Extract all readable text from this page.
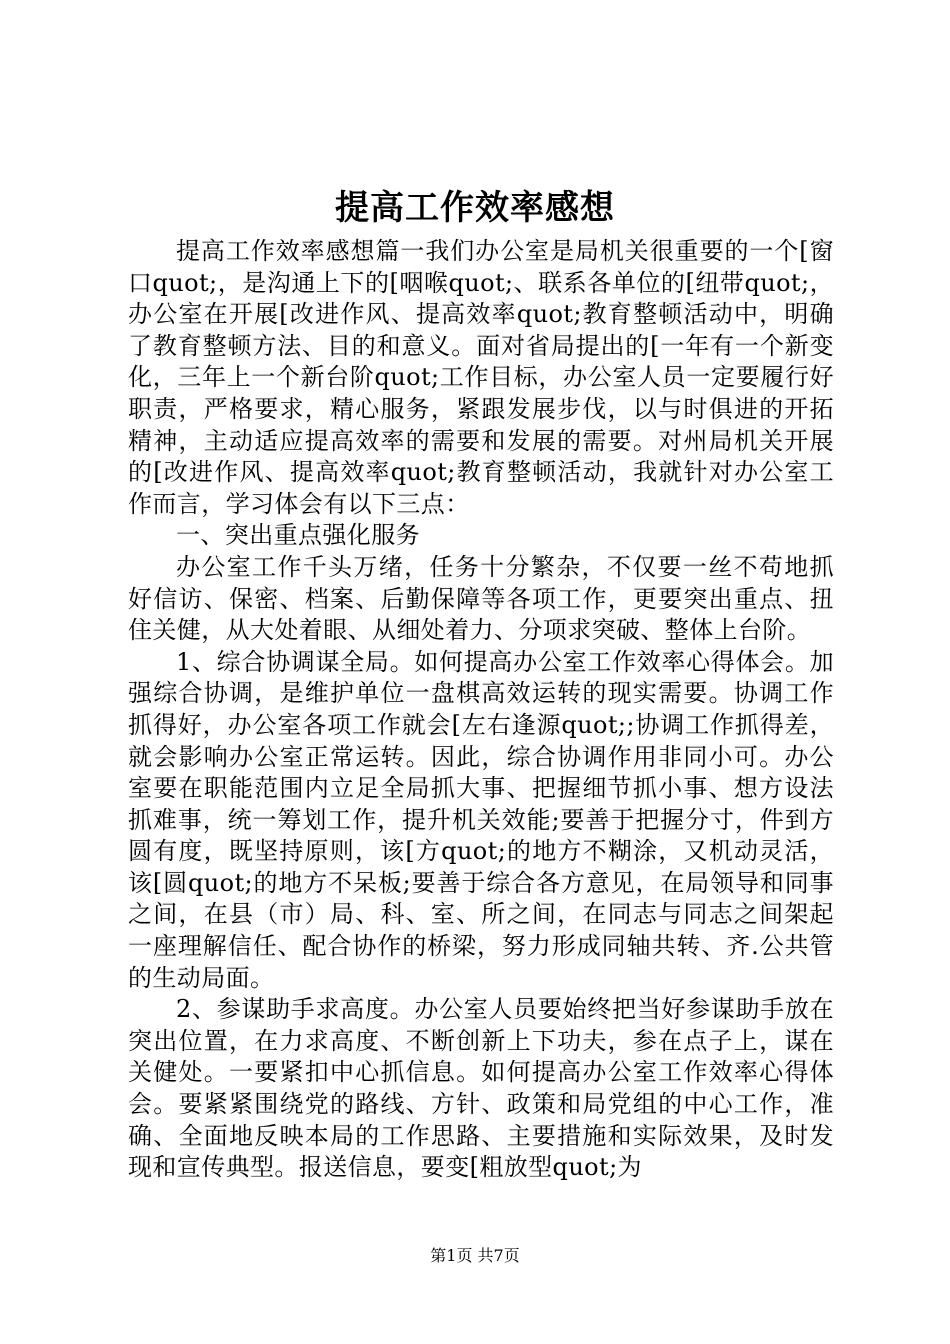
提高工作效率感想

提高工作效率感想篇一我们办公室是局机关很重要的一个[窗口quot;，是沟通上下的[咽喉quot;、联系各单位的[纽带quot;，办公室在开展[改进作风、提高效率quot;教育整顿活动中，明确了教育整顿方法、目的和意义。面对省局提出的[一年有一个新变化，三年上一个新台阶quot;工作目标，办公室人员一定要履行好职责，严格要求，精心服务，紧跟发展步伐，以与时俱进的开拓精神，主动适应提高效率的需要和发展的需要。对州局机关开展的[改进作风、提高效率quot;教育整顿活动，我就针对办公室工作而言，学习体会有以下三点：

一、突出重点强化服务

办公室工作千头万绪，任务十分繁杂，不仅要一丝不苟地抓好信访、保密、档案、后勤保障等各项工作，更要突出重点、扭住关健，从大处着眼、从细处着力、分项求突破、整体上台阶。

1、综合协调谋全局。如何提高办公室工作效率心得体会。加强综合协调，是维护单位一盘棋高效运转的现实需要。协调工作抓得好，办公室各项工作就会[左右逢源quot;;协调工作抓得差，就会影响办公室正常运转。因此，综合协调作用非同小可。办公室要在职能范围内立足全局抓大事、把握细节抓小事、想方设法抓难事，统一筹划工作，提升机关效能;要善于把握分寸，件到方圆有度，既坚持原则，该[方quot;的地方不糊涂，又机动灵活，该[圆quot;的地方不呆板;要善于综合各方意见，在局领导和同事之间，在县（市）局、科、室、所之间，在同志与同志之间架起一座理解信任、配合协作的桥梁，努力形成同轴共转、齐.公共管的生动局面。

2、参谋助手求高度。办公室人员要始终把当好参谋助手放在突出位置，在力求高度、不断创新上下功夫，参在点子上，谋在关健处。一要紧扣中心抓信息。如何提高办公室工作效率心得体会。要紧紧围绕党的路线、方针、政策和局党组的中心工作，准确、全面地反映本局的工作思路、主要措施和实际效果，及时发现和宣传典型。报送信息，要变[粗放型quot;为

第1页 共7页
